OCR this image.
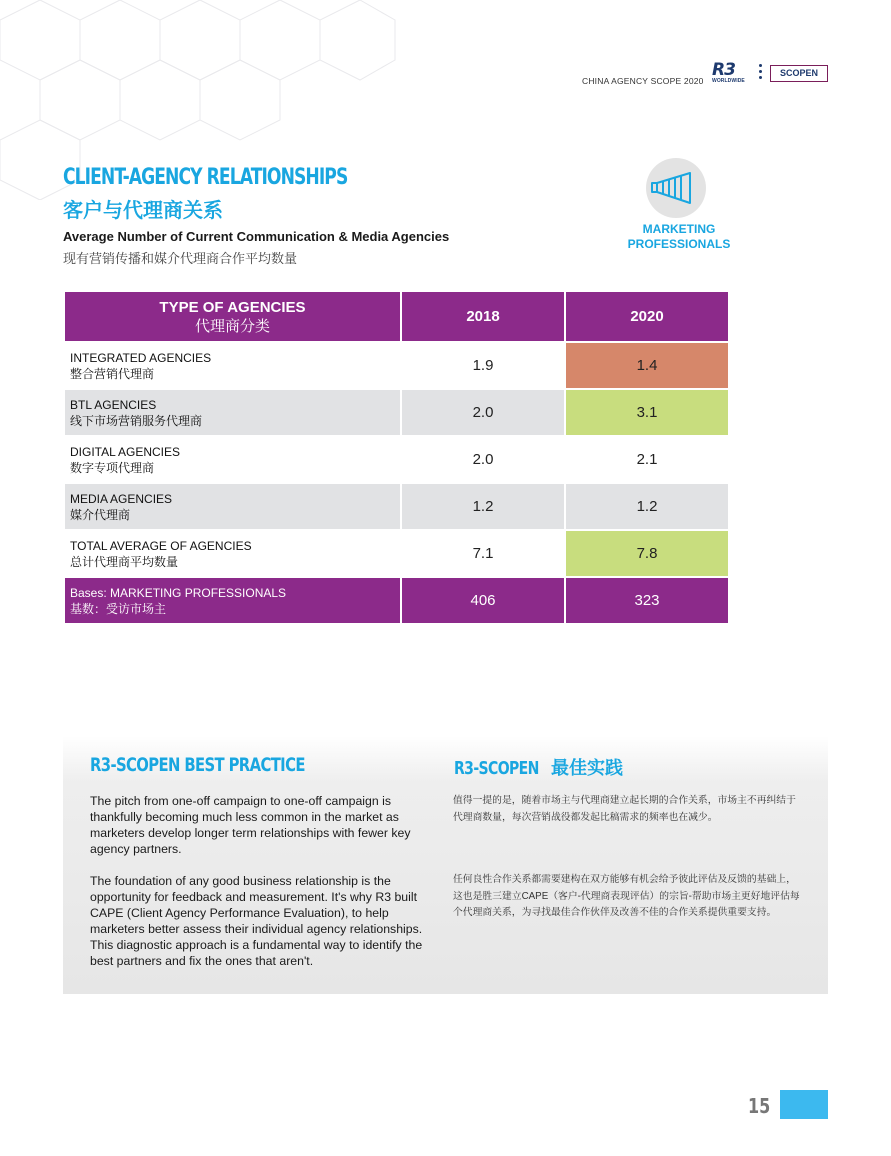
CHINA AGENCY SCOPE 2020
R3
WORLDWIDE
SCOPEN
CLIENT-AGENCY RELATIONSHIPS
客户与代理商关系
Average Number of Current Communication & Media Agencies
现有营销传播和媒介代理商合作平均数量
MARKETING
PROFESSIONALS
TYPE OF AGENCIES
代理商分类	2018	2020

INTEGRATED AGENCIES
整合营销代理商	1.9	1.4

BTL AGENCIES
线下市场营销服务代理商	2.0	3.1

DIGITAL AGENCIES
数字专项代理商	2.0	2.1

MEDIA AGENCIES
媒介代理商	1.2	1.2

TOTAL AVERAGE OF AGENCIES
总计代理商平均数量	7.1	7.8

Bases: MARKETING PROFESSIONALS
基数：受访市场主	406	323
R3-SCOPEN BEST PRACTICE	R3-SCOPEN 最佳实践
The pitch from one-off campaign to one-off campaign is thankfully becoming much less common in the market as marketers develop longer term relationships with fewer key agency partners.
The foundation of any good business relationship is the opportunity for feedback and measurement. It's why R3 built CAPE (Client Agency Performance Evaluation), to help marketers better assess their individual agency relationships. This diagnostic approach is a fundamental way to identify the best partners and fix the ones that aren't.
值得一提的是，随着市场主与代理商建立起长期的合作关系，市场主不再纠结于代理商数量，每次营销战役都发起比稿需求的频率也在减少。
任何良性合作关系都需要建构在双方能够有机会给予彼此评估及反馈的基础上，这也是胜三建立CAPE（客户-代理商表现评估）的宗旨-帮助市场主更好地评估每个代理商关系，为寻找最佳合作伙伴及改善不佳的合作关系提供重要支持。
15
